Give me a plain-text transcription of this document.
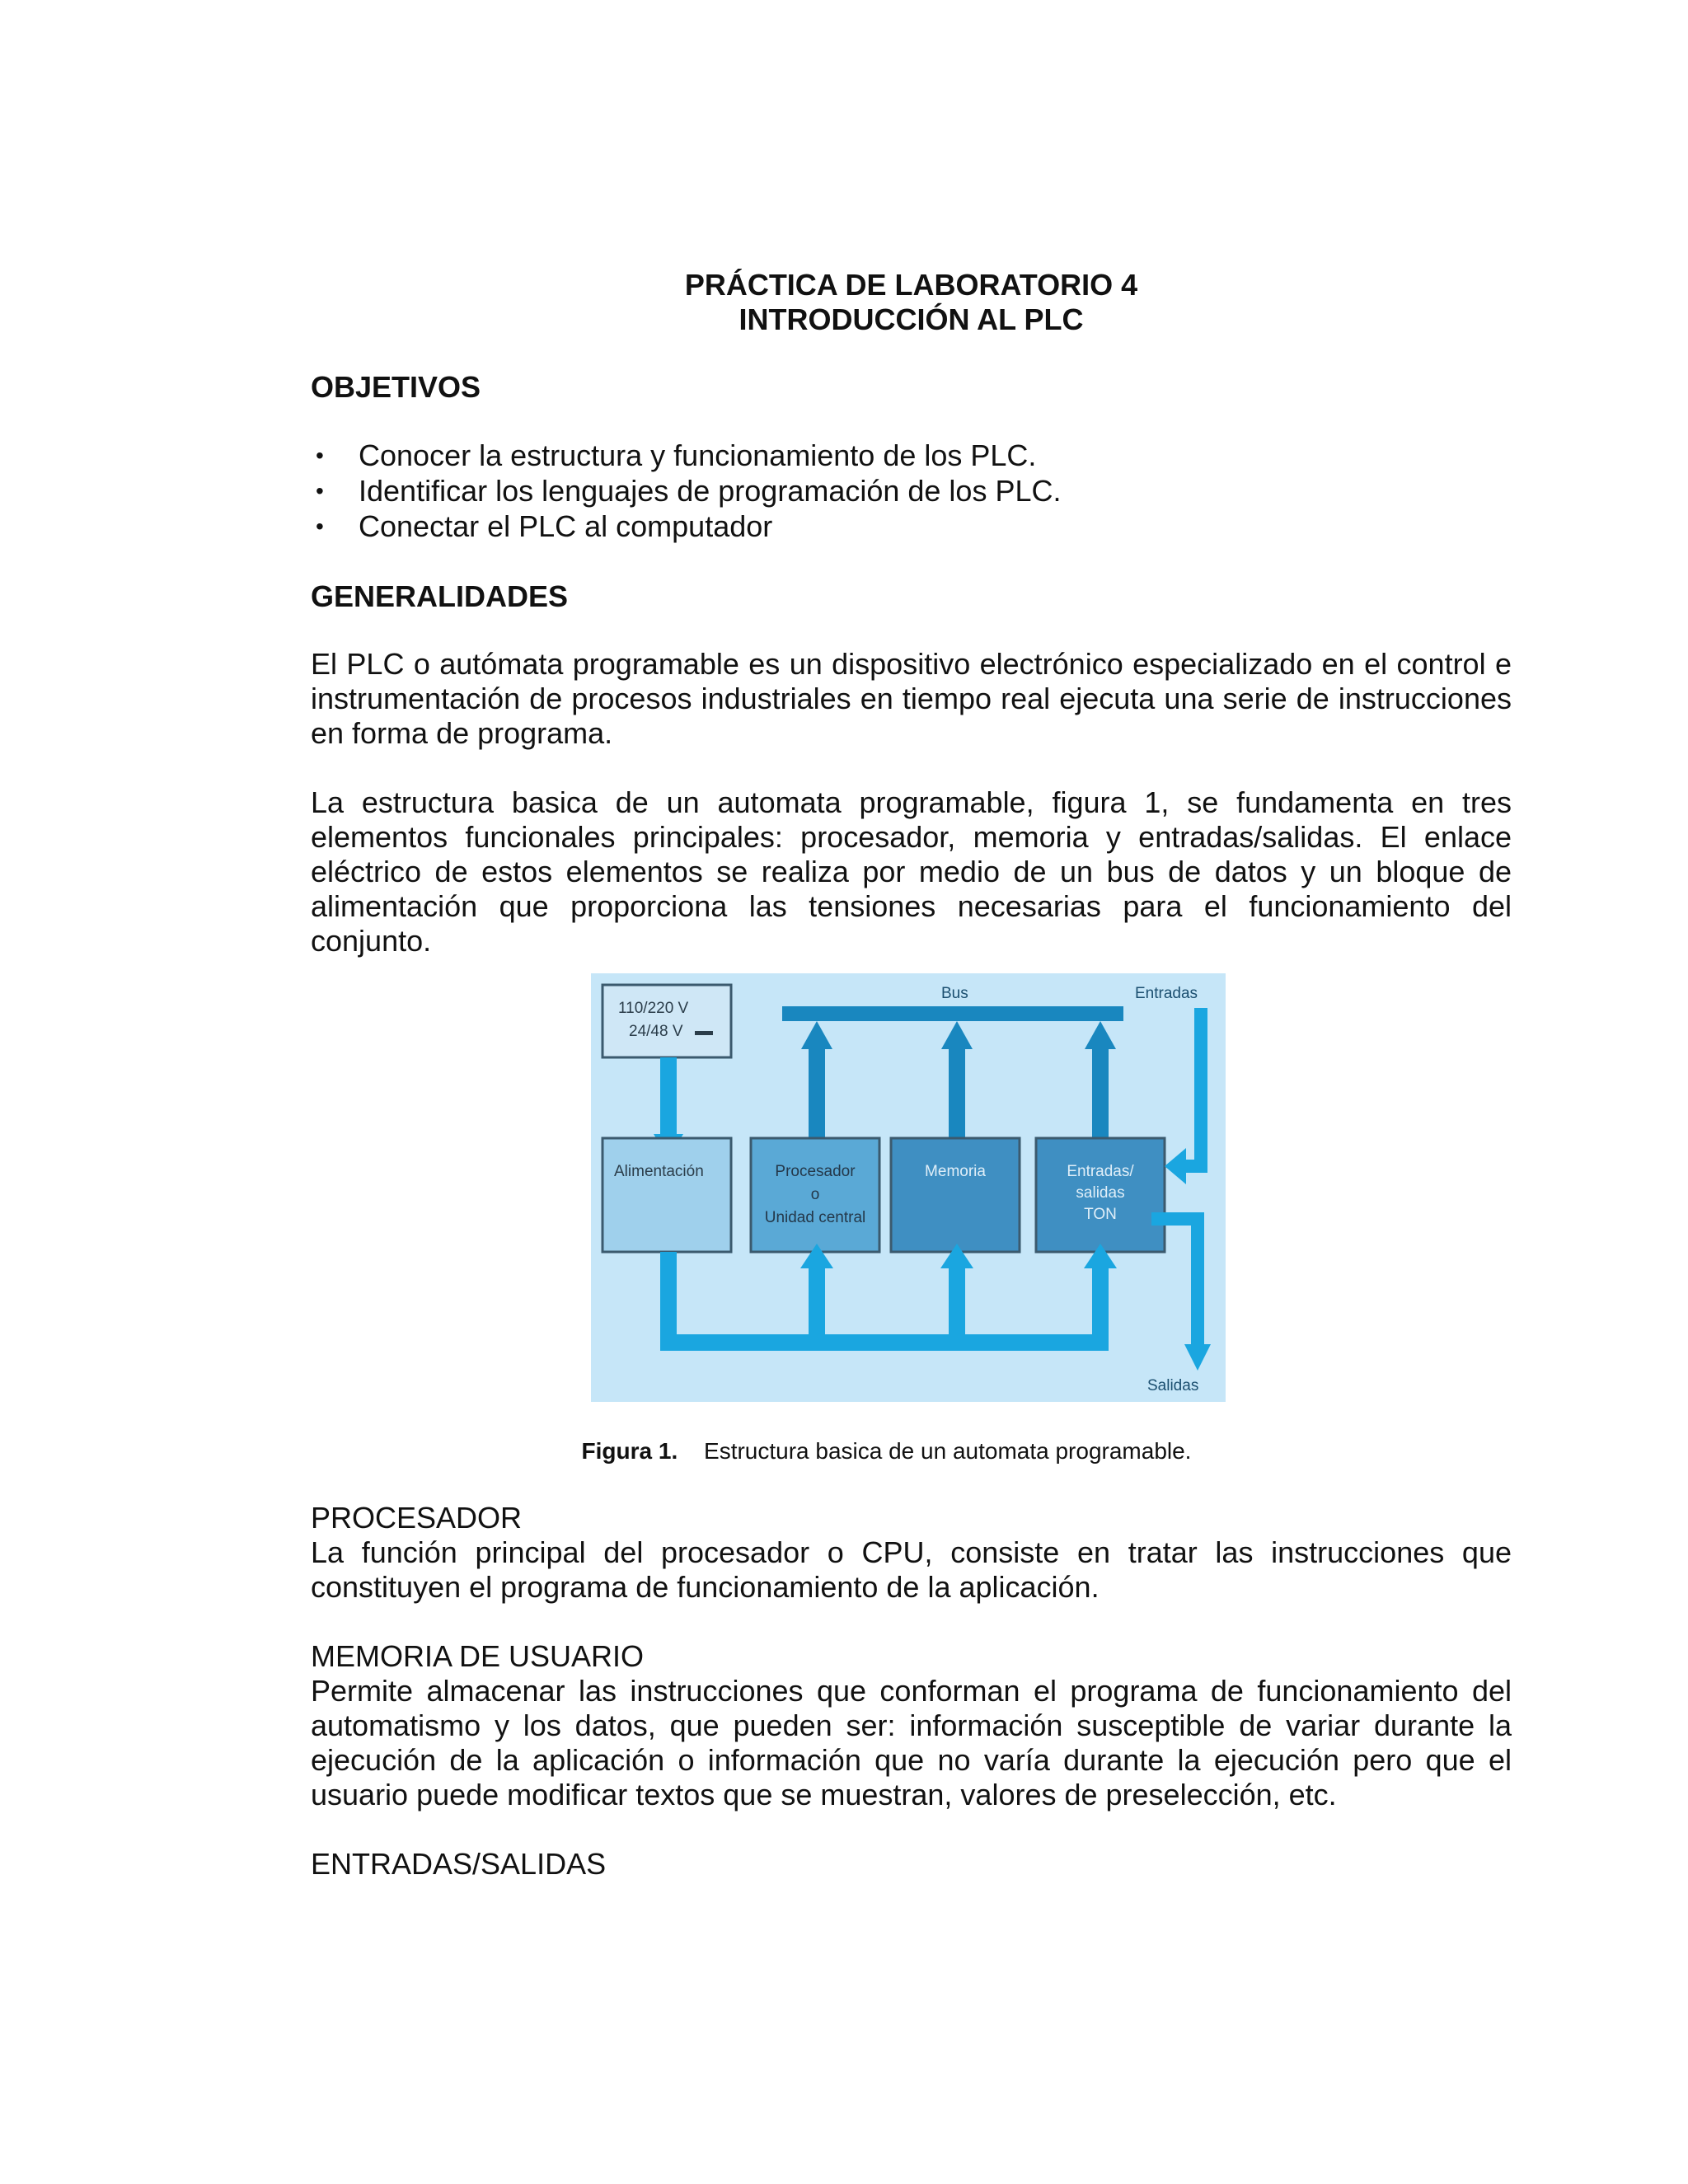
PRÁCTICA DE LABORATORIO 4

INTRODUCCIÓN AL PLC

OBJETIVOS

• Conocer la estructura y funcionamiento de los PLC.
• Identificar los lenguajes de programación de los PLC.
• Conectar el PLC al computador

GENERALIDADES

El PLC o autómata programable es un dispositivo electrónico especializado en el control e instrumentación de procesos industriales en tiempo real ejecuta una serie de instrucciones en forma de programa.

La estructura basica de un automata programable, figura 1, se fundamenta en tres elementos funcionales principales: procesador, memoria y entradas/salidas. El enlace eléctrico de estos elementos se realiza por medio de un bus de datos y un bloque de alimentación que proporciona las tensiones necesarias para el funcionamiento del conjunto.

110/220 V
24/48 V
Bus	Entradas
Alimentación	Procesador
o
Unidad central
Memoria	Entradas/
salidas
TON
Salidas
Figura 1. Estructura basica de un automata programable.

PROCESADOR

La función principal del procesador o CPU, consiste en tratar las instrucciones que constituyen el programa de funcionamiento de la aplicación.

MEMORIA DE USUARIO

Permite almacenar las instrucciones que conforman el programa de funcionamiento del automatismo y los datos, que pueden ser: información susceptible de variar durante la ejecución de la aplicación o información que no varía durante la ejecución pero que el usuario puede modificar textos que se muestran, valores de preselección, etc.

ENTRADAS/SALIDAS
